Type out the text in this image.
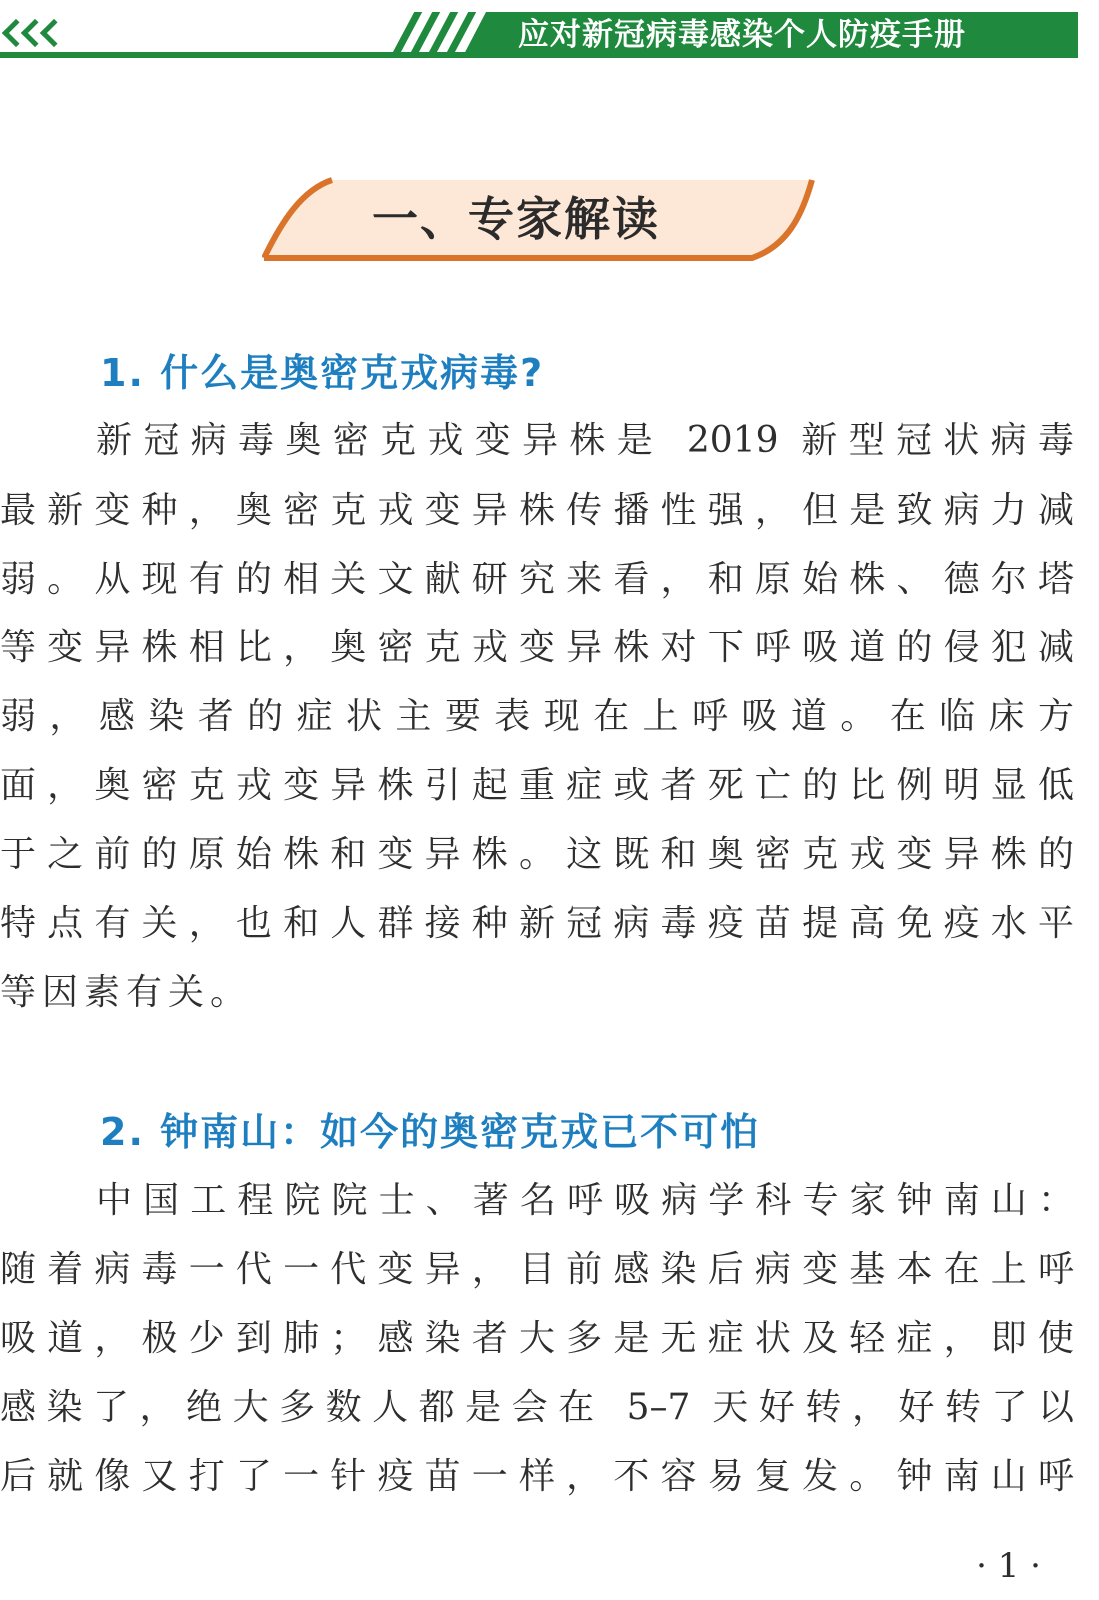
应对新冠病毒感染个人防疫手册
一、专家解读
1. 什么是奥密克戎病毒?
新冠病毒奥密克戎变异株是 2019 新型冠状病毒
最新变种，奥密克戎变异株传播性强，但是致病力减
弱。从现有的相关文献研究来看，和原始株、德尔塔
等变异株相比，奥密克戎变异株对下呼吸道的侵犯减
弱，感染者的症状主要表现在上呼吸道。在临床方
面，奥密克戎变异株引起重症或者死亡的比例明显低
于之前的原始株和变异株。这既和奥密克戎变异株的
特点有关，也和人群接种新冠病毒疫苗提高免疫水平
等因素有关。
2. 钟南山：如今的奥密克戎已不可怕
中国工程院院士、著名呼吸病学科专家钟南山：
随着病毒一代一代变异，目前感染后病变基本在上呼
吸道，极少到肺；感染者大多是无症状及轻症，即使
感染了，绝大多数人都是会在 5–7 天好转，好转了以
后就像又打了一针疫苗一样，不容易复发。钟南山呼
· 1 ·
